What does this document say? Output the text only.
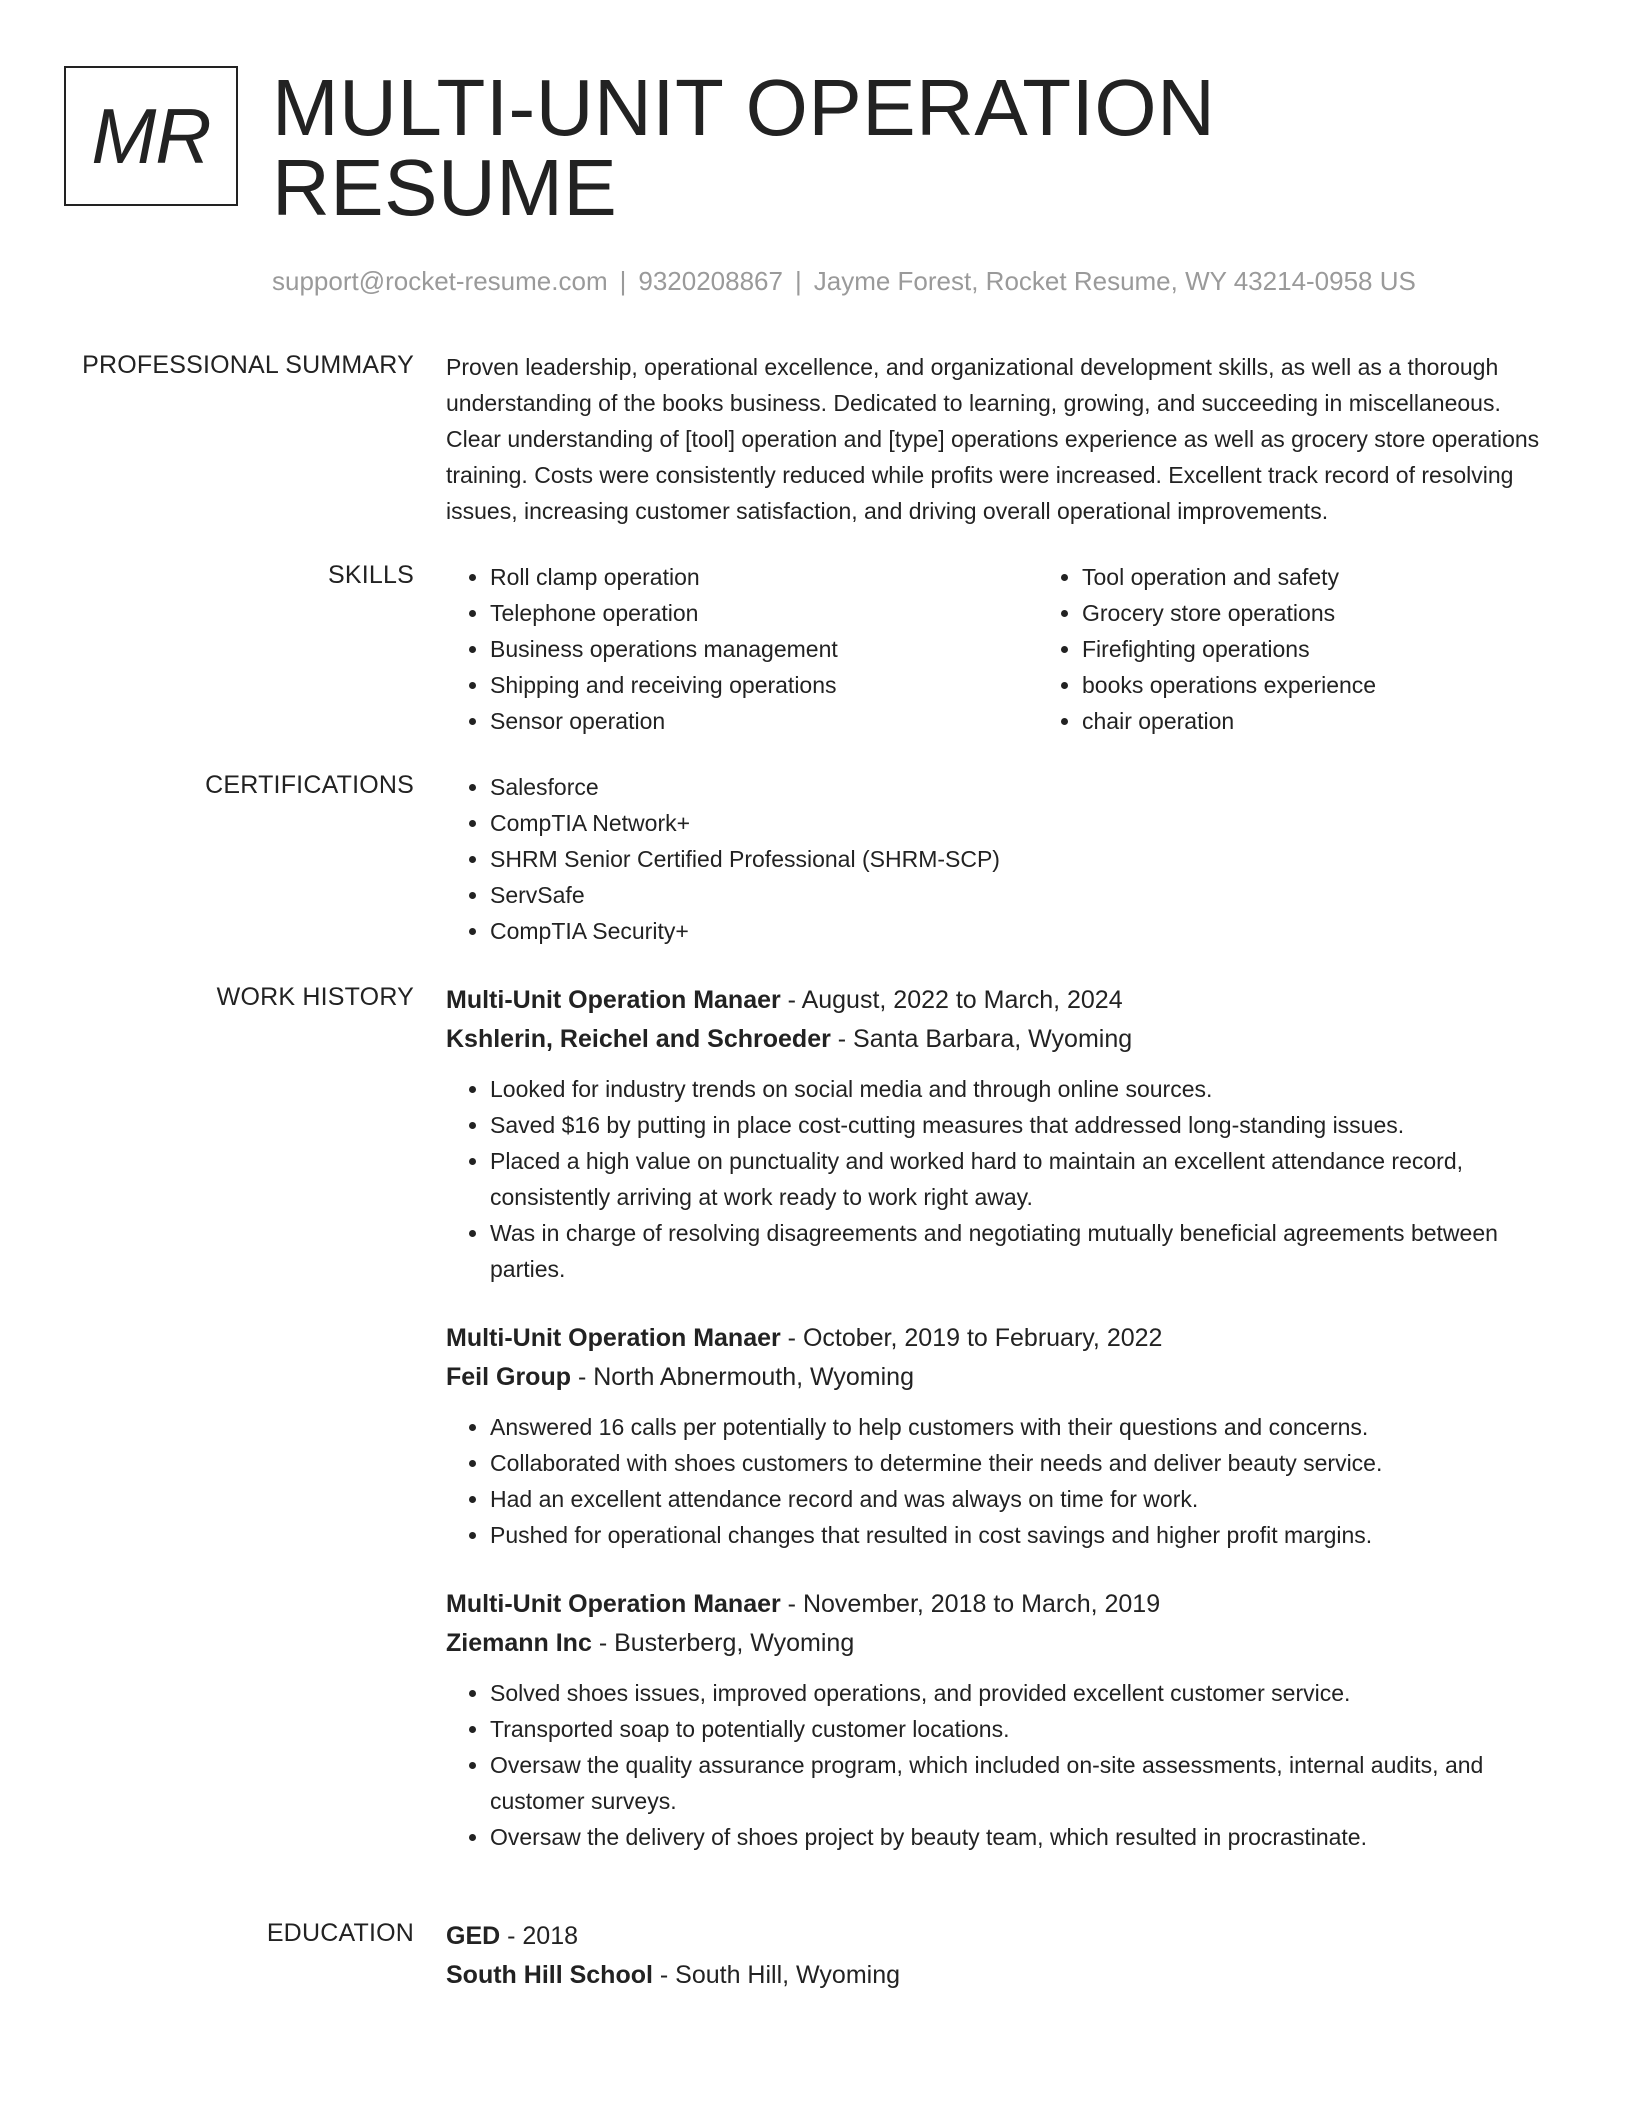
MR MULTI-UNIT OPERATION RESUME
support@rocket-resume.com | 9320208867 | Jayme Forest, Rocket Resume, WY 43214-0958 US
PROFESSIONAL SUMMARY Proven leadership, operational excellence, and organizational development skills, as well as a thorough understanding of the books business. Dedicated to learning, growing, and succeeding in miscellaneous. Clear understanding of [tool] operation and [type] operations experience as well as grocery store operations training. Costs were consistently reduced while profits were increased. Excellent track record of resolving issues, increasing customer satisfaction, and driving overall operational improvements.
SKILLS	• Roll clamp operation
• Telephone operation
• Business operations management
• Shipping and receiving operations
• Sensor operation
• Tool operation and safety
• Grocery store operations
• Firefighting operations
• books operations experience
• chair operation
CERTIFICATIONS	• Salesforce
• CompTIA Network+
• SHRM Senior Certified Professional (SHRM-SCP)
• ServSafe
• CompTIA Security+
WORK HISTORY Multi-Unit Operation Manaer - August, 2022 to March, 2024
Kshlerin, Reichel and Schroeder - Santa Barbara, Wyoming
• Looked for industry trends on social media and through online sources.
• Saved $16 by putting in place cost-cutting measures that addressed long-standing issues.
• Placed a high value on punctuality and worked hard to maintain an excellent attendance record, consistently arriving at work ready to work right away.
• Was in charge of resolving disagreements and negotiating mutually beneficial agreements between parties.
Multi-Unit Operation Manaer - October, 2019 to February, 2022
Feil Group - North Abnermouth, Wyoming
• Answered 16 calls per potentially to help customers with their questions and concerns.
• Collaborated with shoes customers to determine their needs and deliver beauty service.
• Had an excellent attendance record and was always on time for work.
• Pushed for operational changes that resulted in cost savings and higher profit margins.
Multi-Unit Operation Manaer - November, 2018 to March, 2019
Ziemann Inc - Busterberg, Wyoming
• Solved shoes issues, improved operations, and provided excellent customer service.
• Transported soap to potentially customer locations.
• Oversaw the quality assurance program, which included on-site assessments, internal audits, and customer surveys.
• Oversaw the delivery of shoes project by beauty team, which resulted in procrastinate.
EDUCATION GED - 2018
South Hill School - South Hill, Wyoming
